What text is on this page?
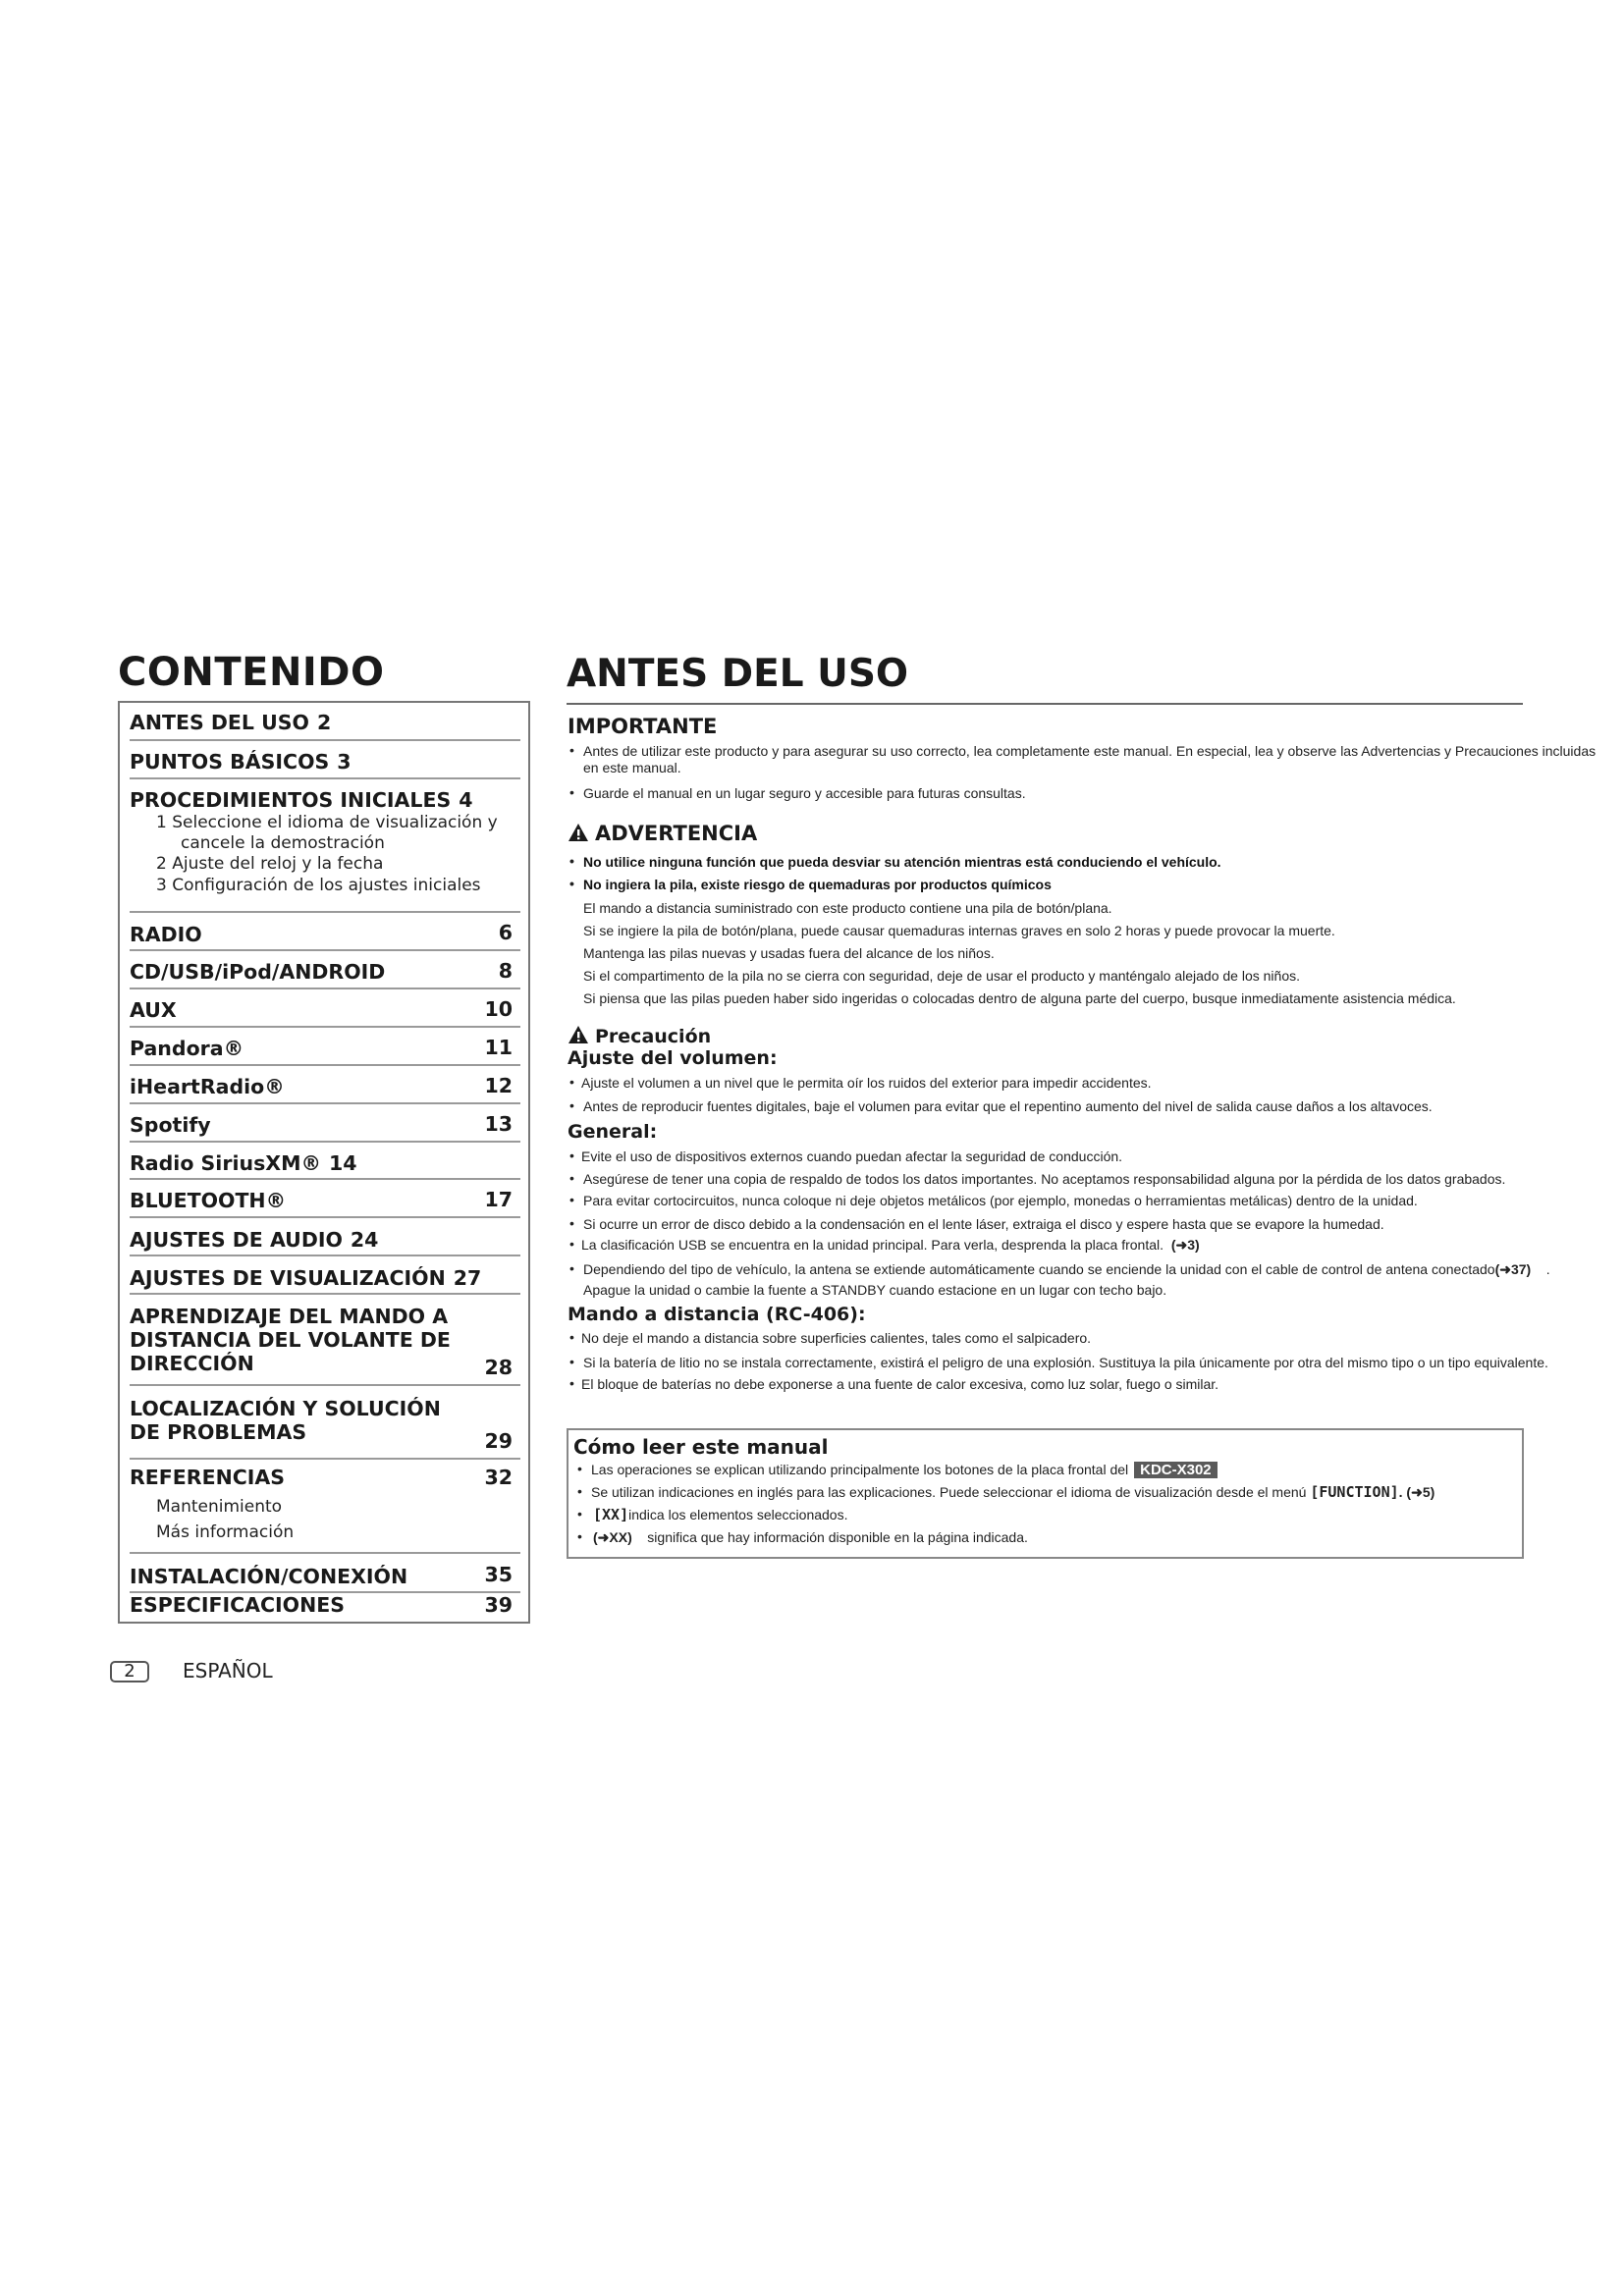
CONTENIDO
ANTES DEL USO 2
PUNTOS BÁSICOS 3
PROCEDIMIENTOS INICIALES 4
1 Seleccione el idioma de visualización y
cancele la demostración
2 Ajuste del reloj y la fecha
3 Configuración de los ajustes iniciales
RADIO	6
CD/USB/iPod/ANDROID	8
AUX	10
Pandora®	11
iHeartRadio®	12
Spotify	13
Radio SiriusXM® 14
BLUETOOTH®	17
AJUSTES DE AUDIO 24
AJUSTES DE VISUALIZACIÓN 27
APRENDIZAJE DEL MANDO A DISTANCIA DEL VOLANTE DE DIRECCIÓN	28
LOCALIZACIÓN Y SOLUCIÓN DE PROBLEMAS	29
REFERENCIAS	32
Mantenimiento
Más información
INSTALACIÓN/CONEXIÓN	35
ESPECIFICACIONES	39
ANTES DEL USO
IMPORTANTE
• Antes de utilizar este producto y para asegurar su uso correcto, lea completamente este manual. En especial, lea y observe las Advertencias y Precauciones incluidas
en este manual.
• Guarde el manual en un lugar seguro y accesible para futuras consultas.
ADVERTENCIA
• No utilice ninguna función que pueda desviar su atención mientras está conduciendo el vehículo.
• No ingiera la pila, existe riesgo de quemaduras por productos químicos
El mando a distancia suministrado con este producto contiene una pila de botón/plana.
Si se ingiere la pila de botón/plana, puede causar quemaduras internas graves en solo 2 horas y puede provocar la muerte.
Mantenga las pilas nuevas y usadas fuera del alcance de los niños.
Si el compartimento de la pila no se cierra con seguridad, deje de usar el producto y manténgalo alejado de los niños.
Si piensa que las pilas pueden haber sido ingeridas o colocadas dentro de alguna parte del cuerpo, busque inmediatamente asistencia médica.
Precaución
Ajuste del volumen:
• Ajuste el volumen a un nivel que le permita oír los ruidos del exterior para impedir accidentes.
• Antes de reproducir fuentes digitales, baje el volumen para evitar que el repentino aumento del nivel de salida cause daños a los altavoces.
General:
• Evite el uso de dispositivos externos cuando puedan afectar la seguridad de conducción.
• Asegúrese de tener una copia de respaldo de todos los datos importantes. No aceptamos responsabilidad alguna por la pérdida de los datos grabados.
• Para evitar cortocircuitos, nunca coloque ni deje objetos metálicos (por ejemplo, monedas o herramientas metálicas) dentro de la unidad.
• Si ocurre un error de disco debido a la condensación en el lente láser, extraiga el disco y espere hasta que se evapore la humedad.
• La clasificación USB se encuentra en la unidad principal. Para verla, desprenda la placa frontal. (➜3)
• Dependiendo del tipo de vehículo, la antena se extiende automáticamente cuando se enciende la unidad con el cable de control de antena conectado(➜37) .
Apague la unidad o cambie la fuente a STANDBY cuando estacione en un lugar con techo bajo.
Mando a distancia (RC-406):
• No deje el mando a distancia sobre superficies calientes, tales como el salpicadero.
• Si la batería de litio no se instala correctamente, existirá el peligro de una explosión. Sustituya la pila únicamente por otra del mismo tipo o un tipo equivalente.
• El bloque de baterías no debe exponerse a una fuente de calor excesiva, como luz solar, fuego o similar.
Cómo leer este manual
• Las operaciones se explican utilizando principalmente los botones de la placa frontal del KDC-X302
• Se utilizan indicaciones en inglés para las explicaciones. Puede seleccionar el idioma de visualización desde el menú [FUNCTION]. (➜5)
• [XX]indica los elementos seleccionados.
• (➜XX) significa que hay información disponible en la página indicada.
2	ESPAÑOL
